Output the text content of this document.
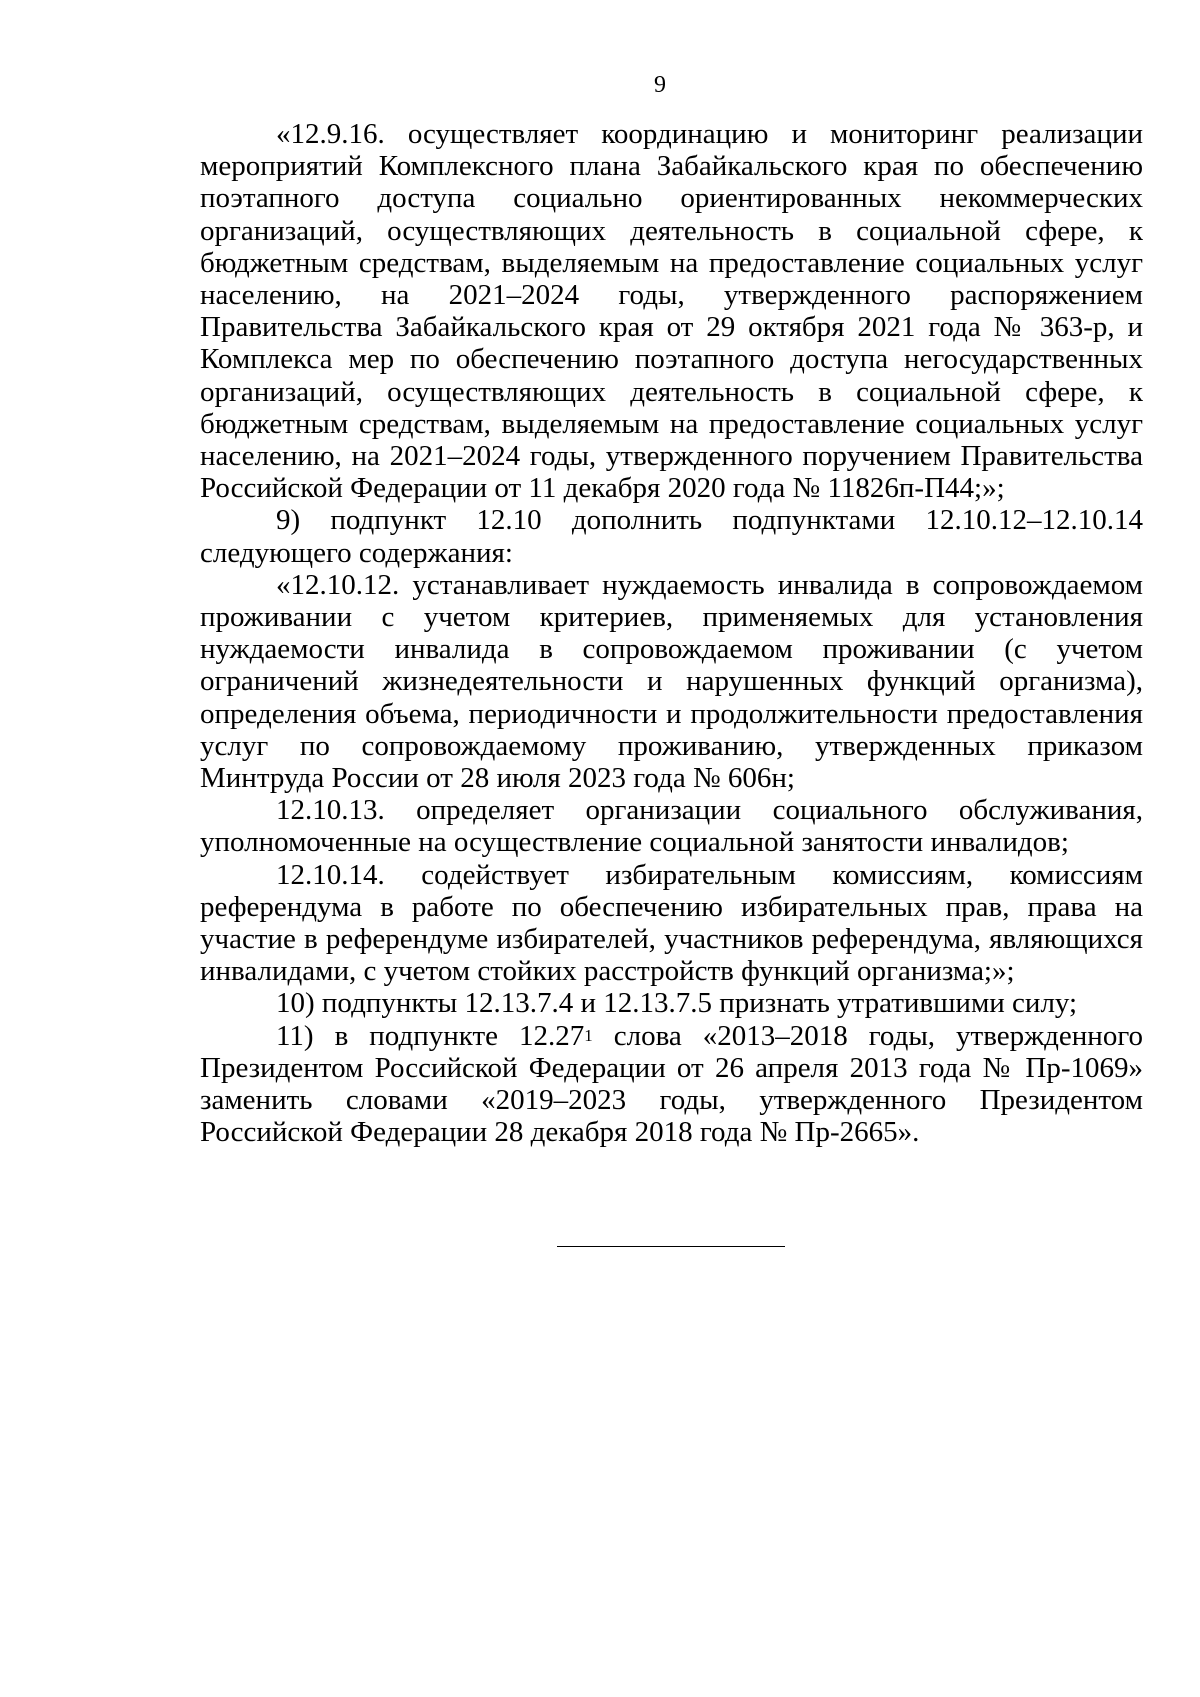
9

«12.9.16. осуществляет координацию и мониторинг реализации мероприятий Комплексного плана Забайкальского края по обеспечению поэтапного доступа социально ориентированных некоммерческих организаций, осуществляющих деятельность в социальной сфере, к бюджетным средствам, выделяемым на предоставление социальных услуг населению, на 2021–2024 годы, утвержденного распоряжением Правительства Забайкальского края от 29 октября 2021 года № 363-р, и Комплекса мер по обеспечению поэтапного доступа негосударственных организаций, осуществляющих деятельность в социальной сфере, к бюджетным средствам, выделяемым на предоставление социальных услуг населению, на 2021–2024 годы, утвержденного поручением Правительства Российской Федерации от 11 декабря 2020 года № 11826п-П44;»;

9) подпункт 12.10 дополнить подпунктами 12.10.12–12.10.14 следующего содержания:

«12.10.12. устанавливает нуждаемость инвалида в сопровождаемом проживании с учетом критериев, применяемых для установления нуждаемости инвалида в сопровождаемом проживании (с учетом ограничений жизнедеятельности и нарушенных функций организма), определения объема, периодичности и продолжительности предоставления услуг по сопровождаемому проживанию, утвержденных приказом Минтруда России от 28 июля 2023 года № 606н;

12.10.13. определяет организации социального обслуживания, уполномоченные на осуществление социальной занятости инвалидов;

12.10.14. содействует избирательным комиссиям, комиссиям референдума в работе по обеспечению избирательных прав, права на участие в референдуме избирателей, участников референдума, являющихся инвалидами, с учетом стойких расстройств функций организма;»;

10) подпункты 12.13.7.4 и 12.13.7.5 признать утратившими силу;

11) в подпункте 12.27$^1$ слова «2013–2018 годы, утвержденного Президентом Российской Федерации от 26 апреля 2013 года № Пр-1069» заменить словами «2019–2023 годы, утвержденного Президентом Российской Федерации 28 декабря 2018 года № Пр-2665».
